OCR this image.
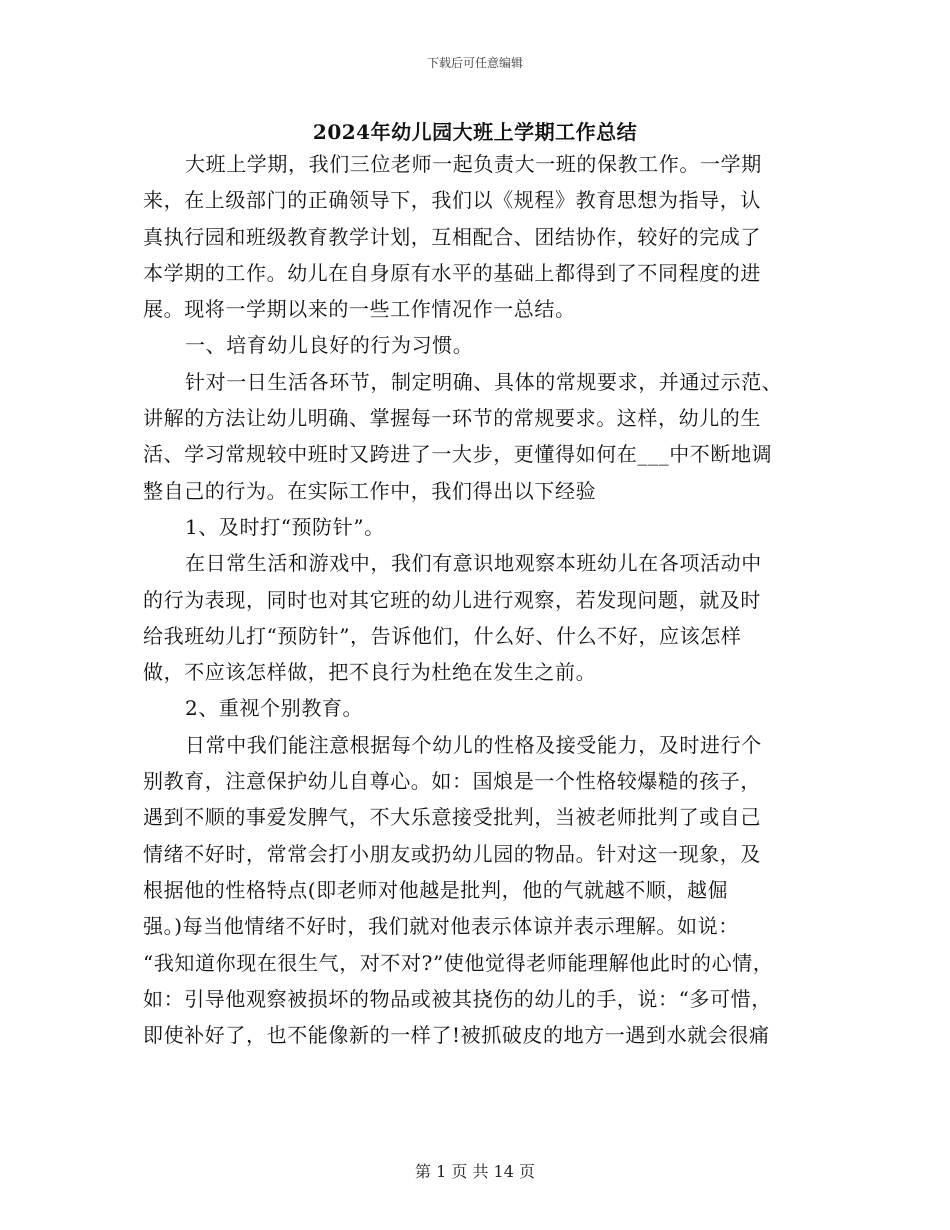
下载后可任意编辑
2024年幼儿园大班上学期工作总结
大班上学期，我们三位老师一起负责大一班的保教工作。一学期
来，在上级部门的正确领导下，我们以《规程》教育思想为指导，认
真执行园和班级教育教学计划，互相配合、团结协作，较好的完成了
本学期的工作。幼儿在自身原有水平的基础上都得到了不同程度的进
展。现将一学期以来的一些工作情况作一总结。
一、培育幼儿良好的行为习惯。
针对一日生活各环节，制定明确、具体的常规要求，并通过示范、
讲解的方法让幼儿明确、掌握每一环节的常规要求。这样，幼儿的生
活、学习常规较中班时又跨进了一大步，更懂得如何在___中不断地调
整自己的行为。在实际工作中，我们得出以下经验
1、及时打“预防针”。
在日常生活和游戏中，我们有意识地观察本班幼儿在各项活动中
的行为表现，同时也对其它班的幼儿进行观察，若发现问题，就及时
给我班幼儿打“预防针”，告诉他们，什么好、什么不好，应该怎样
做，不应该怎样做，把不良行为杜绝在发生之前。
2、重视个别教育。
日常中我们能注意根据每个幼儿的性格及接受能力，及时进行个
别教育，注意保护幼儿自尊心。如：国烺是一个性格较爆糙的孩子，
遇到不顺的事爱发脾气，不大乐意接受批判，当被老师批判了或自己
情绪不好时，常常会打小朋友或扔幼儿园的物品。针对这一现象，及
根据他的性格特点(即老师对他越是批判，他的气就越不顺，越倔
强。)每当他情绪不好时，我们就对他表示体谅并表示理解。如说：
“我知道你现在很生气，对不对?”使他觉得老师能理解他此时的心情，
如：引导他观察被损坏的物品或被其挠伤的幼儿的手，说：“多可惜，
即使补好了，也不能像新的一样了!被抓破皮的地方一遇到水就会很痛
第 1 页 共 14 页
